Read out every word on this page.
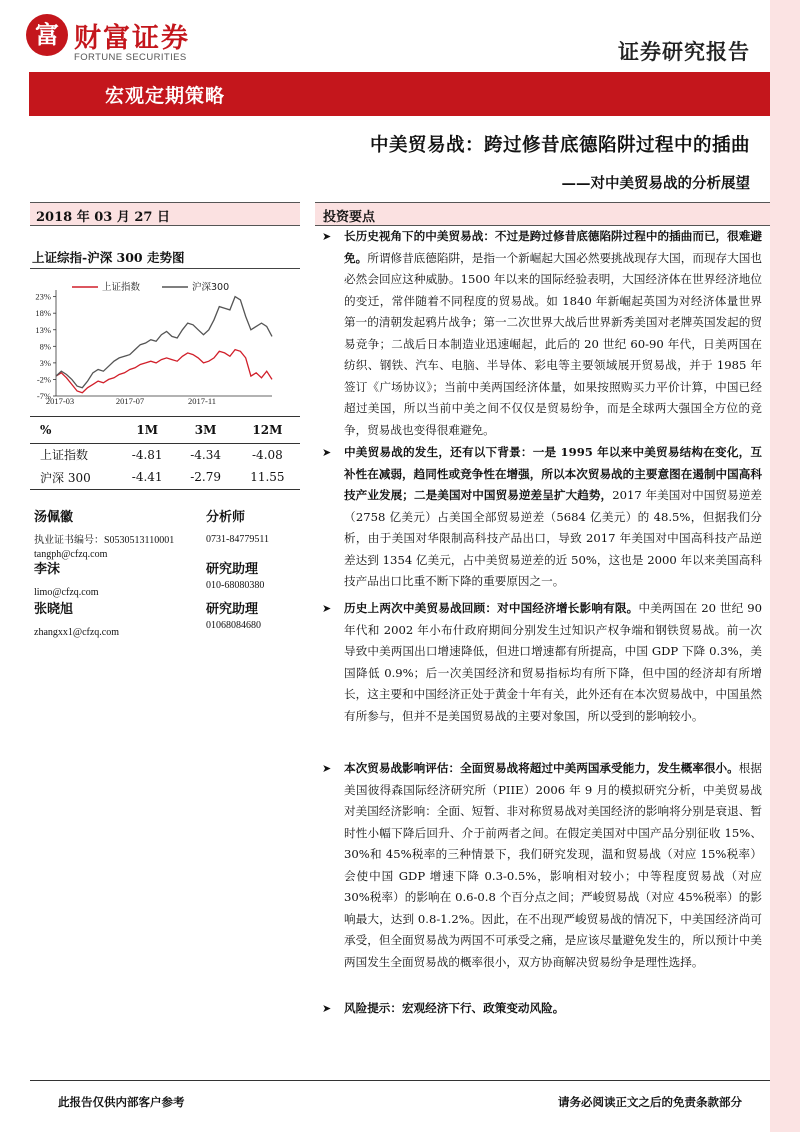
富 财富证券
FORTUNE SECURITIES	证券研究报告
宏观定期策略
中美贸易战：跨过修昔底德陷阱过程中的插曲
——对中美贸易战的分析展望
2018 年 03 月 27 日
上证综指-沪深 300 走势图
23%
18%
13%
8%
3%
-2%
-7%
2017-03	2017-07	2017-11
上证指数	沪深300
%	1M	3M	12M
上证指数	-4.81	-4.34	-4.08
沪深 300	-4.41	-2.79	11.55
汤佩徽	分析师
执业证书编号：S0530513110001
tangph@cfzq.com
0731-84779511
李沫	研究助理
limo@cfzq.com
010-68080380
张晓旭	研究助理
zhangxx1@cfzq.com
01068084680
投资要点
➤	长历史视角下的中美贸易战：不过是跨过修昔底德陷阱过程中的插曲而已，很难避免。所谓修昔底德陷阱，是指一个新崛起大国必然要挑战现存大国，而现存大国也必然会回应这种威胁。1500 年以来的国际经验表明，大国经济体在世界经济地位的变迁，常伴随着不同程度的贸易战。如 1840 年新崛起英国为对经济体量世界第一的清朝发起鸦片战争；第一二次世界大战后世界新秀美国对老牌英国发起的贸易竞争；二战后日本制造业迅速崛起，此后的 20 世纪 60-90 年代，日美两国在纺织、钢铁、汽车、电脑、半导体、彩电等主要领域展开贸易战，并于 1985 年签订《广场协议》；当前中美两国经济体量，如果按照购买力平价计算，中国已经超过美国，所以当前中美之间不仅仅是贸易纷争，而是全球两大强国全方位的竞争，贸易战也变得很难避免。
➤	中美贸易战的发生，还有以下背景：一是 1995 年以来中美贸易结构在变化，互补性在减弱，趋同性或竞争性在增强，所以本次贸易战的主要意图在遏制中国高科技产业发展；二是美国对中国贸易逆差呈扩大趋势，2017 年美国对中国贸易逆差（2758 亿美元）占美国全部贸易逆差（5684 亿美元）的 48.5%，但据我们分析，由于美国对华限制高科技产品出口，导致 2017 年美国对中国高科技产品逆差达到 1354 亿美元，占中美贸易逆差的近 50%，这也是 2000 年以来美国高科技产品出口比重不断下降的重要原因之一。
➤	历史上两次中美贸易战回顾：对中国经济增长影响有限。中美两国在 20 世纪 90 年代和 2002 年小布什政府期间分别发生过知识产权争端和钢铁贸易战。前一次导致中美两国出口增速降低，但进口增速都有所提高，中国 GDP 下降 0.3%，美国降低 0.9%；后一次美国经济和贸易指标均有所下降，但中国的经济却有所增长，这主要和中国经济正处于黄金十年有关，此外还有在本次贸易战中，中国虽然有所参与，但并不是美国贸易战的主要对象国，所以受到的影响较小。
➤	本次贸易战影响评估：全面贸易战将超过中美两国承受能力，发生概率很小。根据美国彼得森国际经济研究所（PIIE）2006 年 9 月的模拟研究分析，中美贸易战对美国经济影响：全面、短暂、非对称贸易战对美国经济的影响将分别是衰退、暂时性小幅下降后回升、介于前两者之间。在假定美国对中国产品分别征收 15%、30%和 45%税率的三种情景下，我们研究发现，温和贸易战（对应 15%税率）会使中国 GDP 增速下降 0.3-0.5%，影响相对较小；中等程度贸易战（对应 30%税率）的影响在 0.6-0.8 个百分点之间；严峻贸易战（对应 45%税率）的影响最大，达到 0.8-1.2%。因此，在不出现严峻贸易战的情况下，中美国经济尚可承受，但全面贸易战为两国不可承受之痛，是应该尽量避免发生的，所以预计中美两国发生全面贸易战的概率很小，双方协商解决贸易纷争是理性选择。
➤	风险提示：宏观经济下行、政策变动风险。
此报告仅供内部客户参考	请务必阅读正文之后的免责条款部分
